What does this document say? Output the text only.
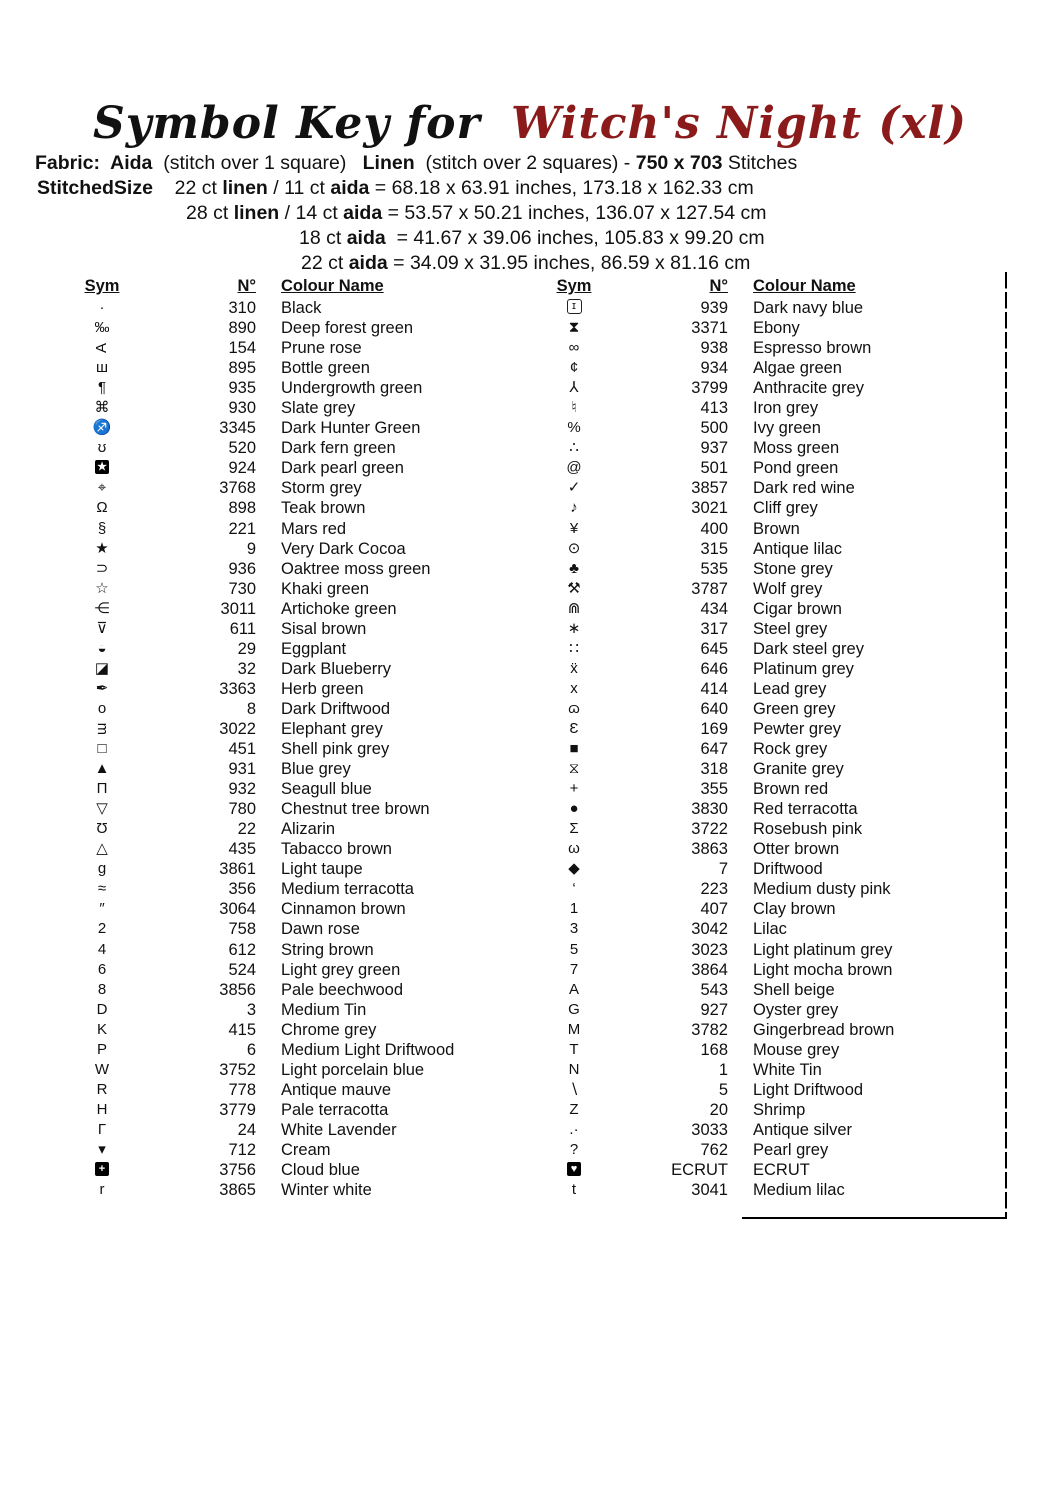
Symbol Key for Witch's Night (xl)
Fabric:  Aida  (stitch over 1 square)   Linen  (stitch over 2 squares) - 750 x 703 Stitches
StitchedSize    22 ct linen / 11 ct aida = 68.18 x 63.91 inches, 173.18 x 162.33 cm
28 ct linen / 14 ct aida = 53.57 x 50.21 inches, 136.07 x 127.54 cm
18 ct aida  = 41.67 x 39.06 inches, 105.83 x 99.20 cm
22 ct aida = 34.09 x 31.95 inches, 86.59 x 81.16 cm
Sym	N°	Colour Name
·	310	Black
‰	890	Deep forest green
A	154	Prune rose
ш	895	Bottle green
¶	935	Undergrowth green
⌘	930	Slate grey
♐	3345	Dark Hunter Green
ʊ	520	Dark fern green
★	924	Dark pearl green
⌖	3768	Storm grey
Ω	898	Teak brown
§	221	Mars red
★	9	Very Dark Cocoa
⊃	936	Oaktree moss green
☆	730	Khaki green
⋲	3011	Artichoke green
⊽	611	Sisal brown
◒	29	Eggplant
◪	32	Dark Blueberry
✒	3363	Herb green
o	8	Dark Driftwood
ᴟ	3022	Elephant grey
□	451	Shell pink grey
▲	931	Blue grey
Π	932	Seagull blue
▽	780	Chestnut tree brown
Ʊ	22	Alizarin
△	435	Tabacco brown
g	3861	Light taupe
≈	356	Medium terracotta
″	3064	Cinnamon brown
2	758	Dawn rose
4	612	String brown
6	524	Light grey green
8	3856	Pale beechwood
D	3	Medium Tin
K	415	Chrome grey
P	6	Medium Light Driftwood
W	3752	Light porcelain blue
R	778	Antique mauve
H	3779	Pale terracotta
Γ	24	White Lavender
▾	712	Cream
+	3756	Cloud blue
r	3865	Winter white
Sym	N°	Colour Name
ɪ	939	Dark navy blue
⧗	3371	Ebony
∞	938	Espresso brown
¢	934	Algae green
⅄	3799	Anthracite grey
♮	413	Iron grey
%	500	Ivy green
∴	937	Moss green
@	501	Pond green
✓	3857	Dark red wine
♪	3021	Cliff grey
¥	400	Brown
⊙	315	Antique lilac
♣	535	Stone grey
⚒	3787	Wolf grey
⋒	434	Cigar brown
∗	317	Steel grey
∷	645	Dark steel grey
ẍ	646	Platinum grey
x	414	Lead grey
ɷ	640	Green grey
Ɛ	169	Pewter grey
■	647	Rock grey
⧖	318	Granite grey
+	355	Brown red
●	3830	Red terracotta
Σ	3722	Rosebush pink
ω	3863	Otter brown
◆	7	Driftwood
‘	223	Medium dusty pink
1	407	Clay brown
3	3042	Lilac
5	3023	Light platinum grey
7	3864	Light mocha brown
A	543	Shell beige
G	927	Oyster grey
M	3782	Gingerbread brown
T	168	Mouse grey
N	1	White Tin
∖	5	Light Driftwood
Z	20	Shrimp
.·	3033	Antique silver
?	762	Pearl grey
♥	ECRUT	ECRUT
t	3041	Medium lilac
